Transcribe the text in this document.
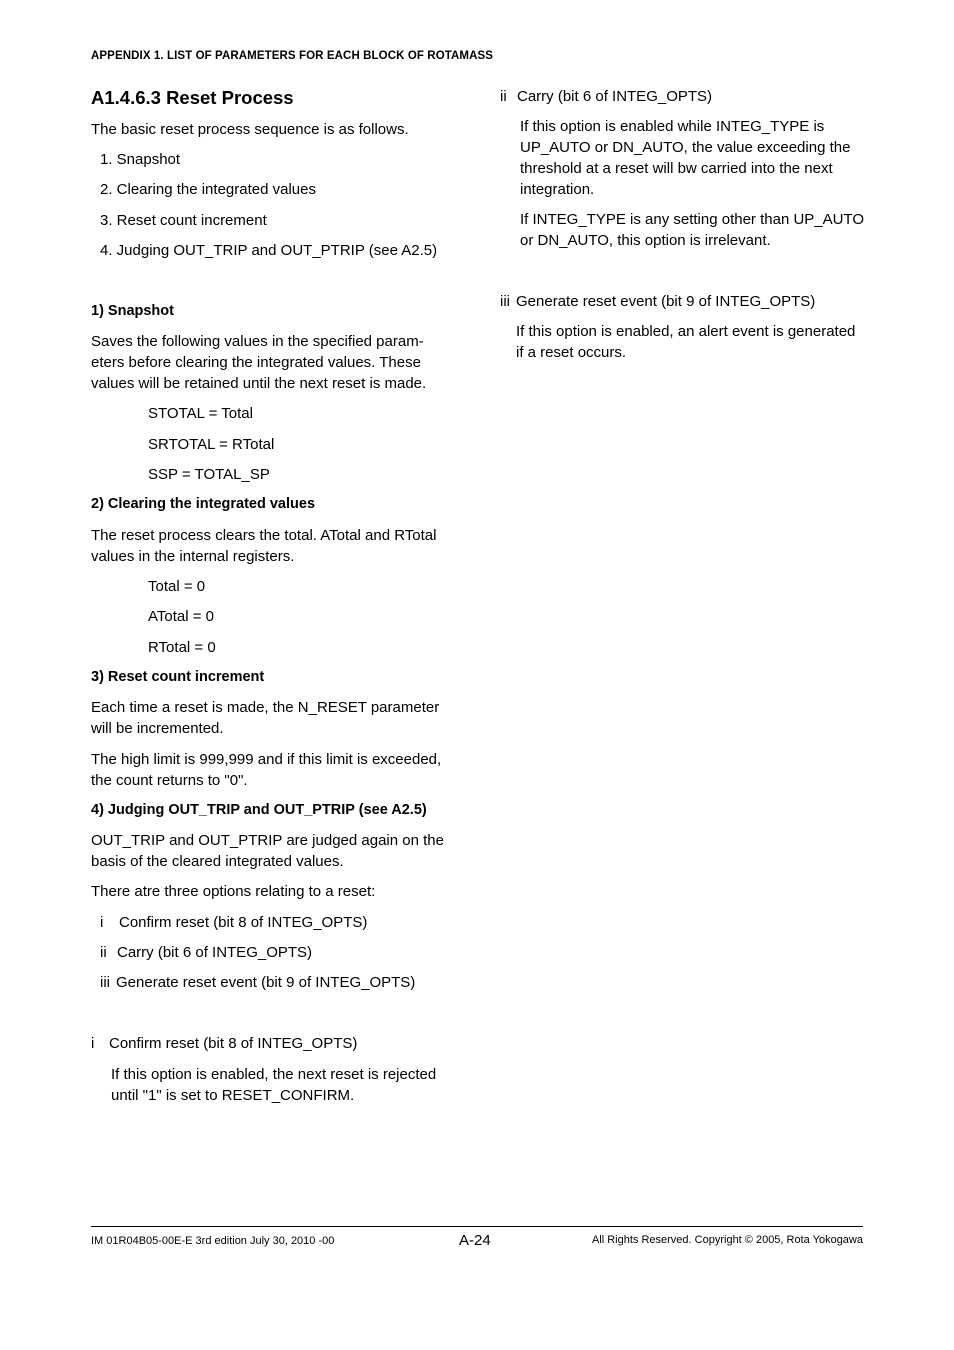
APPENDIX 1. LIST OF PARAMETERS FOR EACH BLOCK OF ROTAMASS
A1.4.6.3 Reset Process
The basic reset process sequence is as follows.
1. Snapshot
2. Clearing the integrated values
3. Reset count increment
4. Judging OUT_TRIP and OUT_PTRIP (see A2.5)
1) Snapshot
Saves the following values in the specified param-
eters before clearing the integrated values. These
values will be retained until the next reset is made.
STOTAL = Total
SRTOTAL = RTotal
SSP = TOTAL_SP
2) Clearing the integrated values
The reset process clears the total. ATotal and RTotal
values in the internal registers.
Total = 0
ATotal = 0
RTotal = 0
3) Reset count increment
Each time a reset is made, the N_RESET parameter
will be incremented.
The high limit is 999,999 and if this limit is exceeded,
the count returns to "0".
4) Judging OUT_TRIP and OUT_PTRIP (see A2.5)
OUT_TRIP and OUT_PTRIP are judged again on the
basis of the cleared integrated values.
There atre three options relating to a reset:
i Confirm reset (bit 8 of INTEG_OPTS)
ii Carry (bit 6 of INTEG_OPTS)
iii Generate reset event (bit 9 of INTEG_OPTS)
i Confirm reset (bit 8 of INTEG_OPTS)
If this option is enabled, the next reset is rejected
until "1" is set to RESET_CONFIRM.
ii Carry (bit 6 of INTEG_OPTS)
If this option is enabled while INTEG_TYPE is
UP_AUTO or DN_AUTO, the value exceeding the
threshold at a reset will bw carried into the next
integration.
If INTEG_TYPE is any setting other than UP_AUTO
or DN_AUTO, this option is irrelevant.
iii Generate reset event (bit 9 of INTEG_OPTS)
If this option is enabled, an alert event is generated
if a reset occurs.
IM 01R04B05-00E-E 3rd edition July 30, 2010 -00	A-24	All Rights Reserved. Copyright © 2005, Rota Yokogawa
